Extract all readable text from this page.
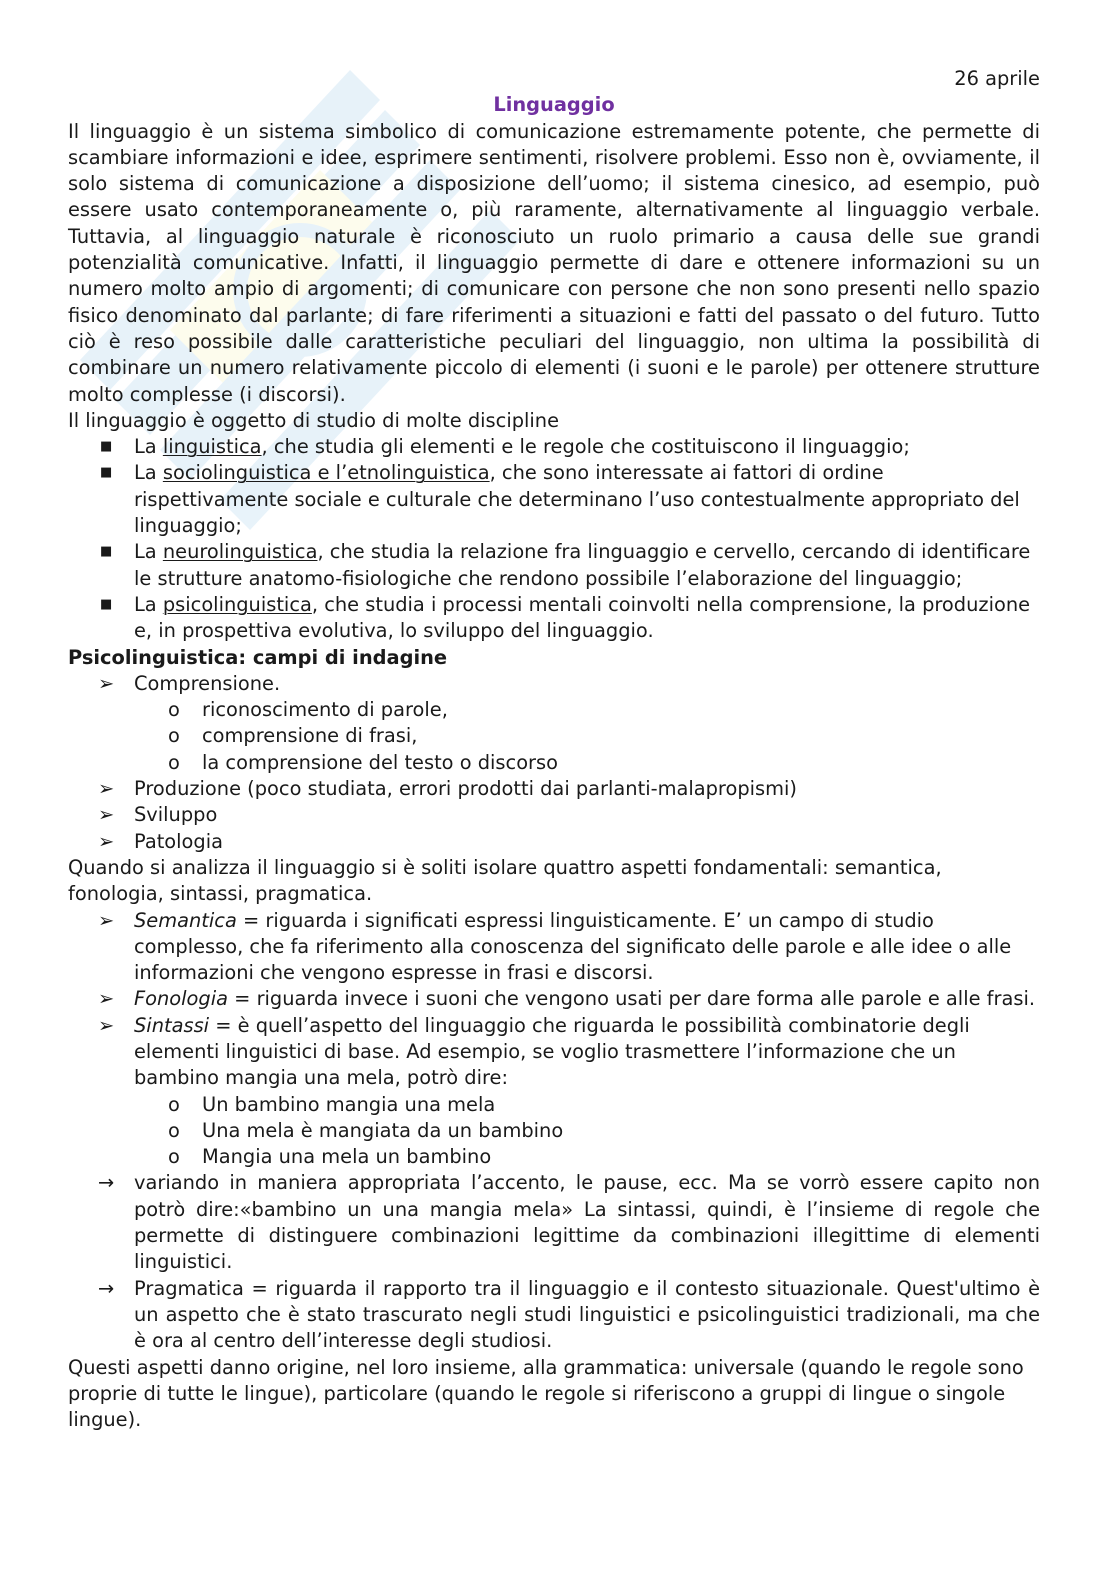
26 aprile

Linguaggio

Il linguaggio è un sistema simbolico di comunicazione estremamente potente, che permette di scambiare informazioni e idee, esprimere sentimenti, risolvere problemi. Esso non è, ovviamente, il solo sistema di comunicazione a disposizione dell’uomo; il sistema cinesico, ad esempio, può essere usato contemporaneamente o, più raramente, alternativamente al linguaggio verbale. Tuttavia, al linguaggio naturale è riconosciuto un ruolo primario a causa delle sue grandi potenzialità comunicative. Infatti, il linguaggio permette di dare e ottenere informazioni su un numero molto ampio di argomenti; di comunicare con persone che non sono presenti nello spazio fisico denominato dal parlante; di fare riferimenti a situazioni e fatti del passato o del futuro. Tutto ciò è reso possibile dalle caratteristiche peculiari del linguaggio, non ultima la possibilità di combinare un numero relativamente piccolo di elementi (i suoni e le parole) per ottenere strutture molto complesse (i discorsi).

Il linguaggio è oggetto di studio di molte discipline

■	La linguistica, che studia gli elementi e le regole che costituiscono il linguaggio;
■	La sociolinguistica e l’etnolinguistica, che sono interessate ai fattori di ordine rispettivamente sociale e culturale che determinano l’uso contestualmente appropriato del linguaggio;
■	La neurolinguistica, che studia la relazione fra linguaggio e cervello, cercando di identificare le strutture anatomo-fisiologiche che rendono possibile l’elaborazione del linguaggio;
■	La psicolinguistica, che studia i processi mentali coinvolti nella comprensione, la produzione e, in prospettiva evolutiva, lo sviluppo del linguaggio.

Psicolinguistica: campi di indagine

➢	Comprensione.
o	riconoscimento di parole,
o	comprensione di frasi,
o	la comprensione del testo o discorso
➢	Produzione (poco studiata, errori prodotti dai parlanti-malapropismi)
➢	Sviluppo
➢	Patologia

Quando si analizza il linguaggio si è soliti isolare quattro aspetti fondamentali: semantica, fonologia, sintassi, pragmatica.

➢	Semantica = riguarda i significati espressi linguisticamente. E’ un campo di studio complesso, che fa riferimento alla conoscenza del significato delle parole e alle idee o alle informazioni che vengono espresse in frasi e discorsi.
➢	Fonologia = riguarda invece i suoni che vengono usati per dare forma alle parole e alle frasi.
➢	Sintassi = è quell’aspetto del linguaggio che riguarda le possibilità combinatorie degli elementi linguistici di base. Ad esempio, se voglio trasmettere l’informazione che un bambino mangia una mela, potrò dire:
o	Un bambino mangia una mela
o	Una mela è mangiata da un bambino
o	Mangia una mela un bambino
→	variando in maniera appropriata l’accento, le pause, ecc. Ma se vorrò essere capito non potrò dire:«bambino un una mangia mela» La sintassi, quindi, è l’insieme di regole che permette di distinguere combinazioni legittime da combinazioni illegittime di elementi linguistici.
→	Pragmatica = riguarda il rapporto tra il linguaggio e il contesto situazionale. Quest'ultimo è un aspetto che è stato trascurato negli studi linguistici e psicolinguistici tradizionali, ma che è ora al centro dell’interesse degli studiosi.

Questi aspetti danno origine, nel loro insieme, alla grammatica: universale (quando le regole sono proprie di tutte le lingue), particolare (quando le regole si riferiscono a gruppi di lingue o singole lingue).
